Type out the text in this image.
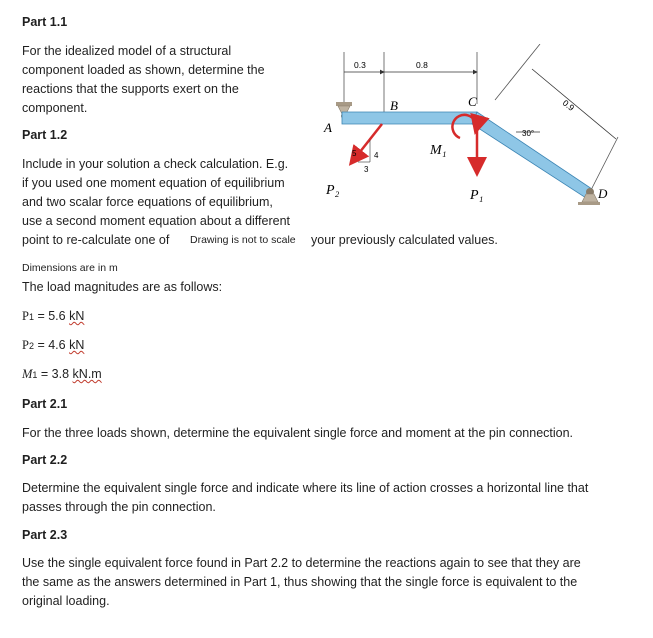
Part 1.1
For the idealized model of a structural
component loaded as shown, determine the
reactions that the supports exert on the
component.
Part 1.2
Include in your solution a check calculation. E.g.
if you used one moment equation of equilibrium
and two scalar force equations of equilibrium,
use a second moment equation about a different
point to re-calculate one of	your previously calculated values.
0.3	0.8
0.9
A	30°
D
B	C
5 4
3
P₂
M₁
P₁
Drawing is not to scale
Dimensions are in m
The load magnitudes are as follows:
P1 = 5.6 kN
P2 = 4.6 kN
M1 = 3.8 kN.m
Part 2.1
For the three loads shown, determine the equivalent single force and moment at the pin connection.
Part 2.2
Determine the equivalent single force and indicate where its line of action crosses a horizontal line that
passes through the pin connection.
Part 2.3
Use the single equivalent force found in Part 2.2 to determine the reactions again to see that they are
the same as the answers determined in Part 1, thus showing that the single force is equivalent to the
original loading.
